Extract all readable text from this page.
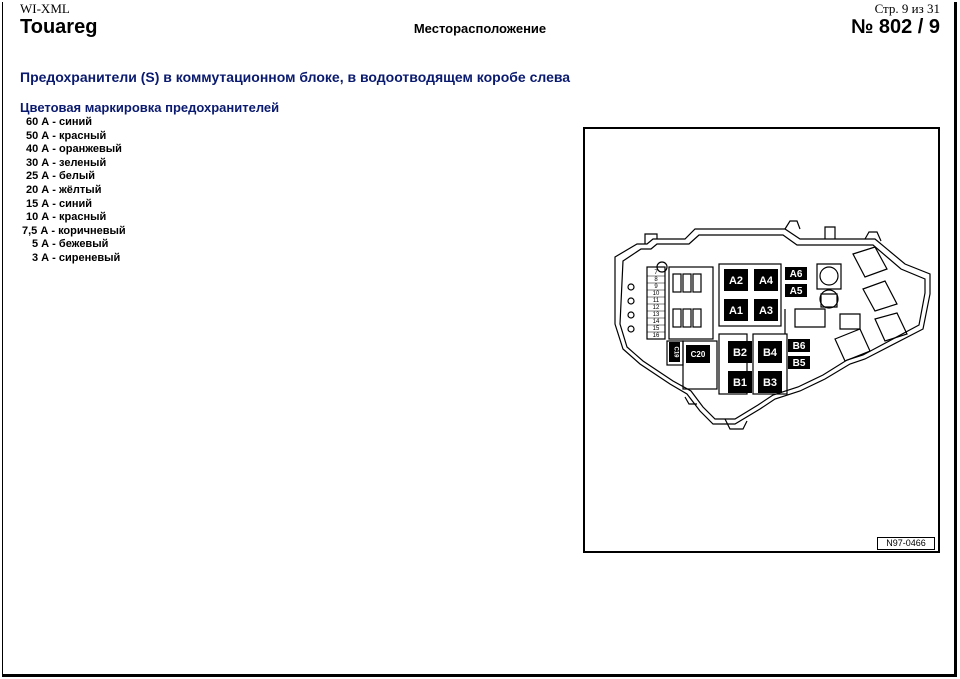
WI-XML
Touareg	Месторасположение
Стр. 9 из 31
№ 802 / 9
Предохранители (S) в коммутационном блоке, в водоотводящем коробе слева
Цветовая маркировка предохранителей
60 А - синий
50 А - красный
40 А - оранжевый
30 А - зеленый
25 А - белый
20 А - жёлтый
15 А - синий
10 А - красный
7,5 А - коричневый
5 А - бежевый
3 А - сиреневый
7
8
9
10
11
12
13
14
15
16
A2 A4
A1 A3
B2 B4
B1 B3
A6
A5
B6
B5
C20
C19
N97-0466
